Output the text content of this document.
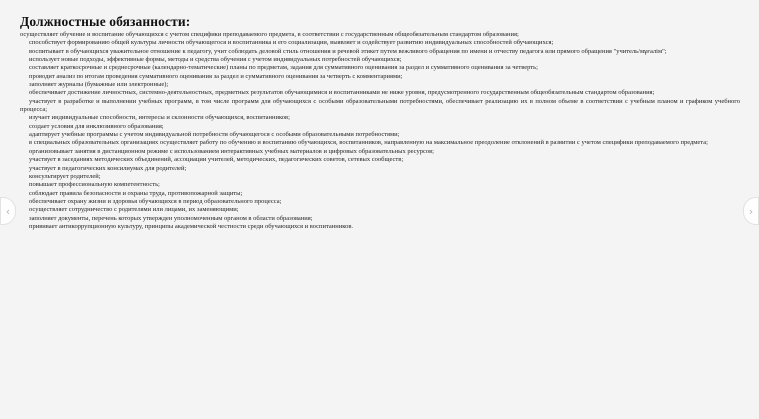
Должностные обязанности:

осуществляет обучение и воспитание обучающихся с учетом специфики преподаваемого предмета, в соответствии с государственным общеобязательным стандартом образования;

способствует формированию общей культуры личности обучающегося и воспитанника и его социализации, выявляет и содействует развитию индивидуальных способностей обучающихся;

воспитывает в обучающихся уважительное отношение к педагогу, учит соблюдать деловой стиль отношения и речевой этикет путем вежливого обращения по имени и отчеству педагога или прямого обращения "учитель/мұғалім";

использует новые подходы, эффективные формы, методы и средства обучения с учетом индивидуальных потребностей обучающихся;

составляет краткосрочные и среднесрочные (календарно-тематические) планы по предметам, задания для суммативного оценивания за раздел и суммативного оценивания за четверть;

проводит анализ по итогам проведения суммативного оценивания за раздел и суммативного оценивания за четверть с комментариями;

заполняет журналы (бумажные или электронные);

обеспечивает достижение личностных, системно-деятельностных, предметных результатов обучающимися и воспитанниками не ниже уровня, предусмотренного государственным общеобязательным стандартом образования;

участвует в разработке и выполнении учебных программ, в том числе программ для обучающихся с особыми образовательными потребностями, обеспечивает реализацию их в полном объеме в соответствии с учебным планом и графиком учебного процесса;

изучает индивидуальные способности, интересы и склонности обучающихся, воспитанников;

создает условия для инклюзивного образования;

адаптирует учебные программы с учетом индивидуальной потребности обучающегося с особыми образовательными потребностями;

в специальных образовательных организациях осуществляет работу по обучению и воспитанию обучающихся, воспитанников, направленную на максимальное преодоление отклонений в развитии с учетом специфики преподаваемого предмета;

организовывает занятия в дистанционном режиме с использованием интерактивных учебных материалов и цифровых образовательных ресурсов;

участвует в заседаниях методических объединений, ассоциации учителей, методических, педагогических советов, сетевых сообществ;

участвует в педагогических консилиумах для родителей;

консультирует родителей;

повышает профессиональную компетентность;

соблюдает правила безопасности и охраны труда, противопожарной защиты;

обеспечивает охрану жизни и здоровья обучающихся в период образовательного процесса;

осуществляет сотрудничество с родителями или лицами, их заменяющими;

заполняет документы, перечень которых утвержден уполномоченным органом в области образования;

прививает антикоррупционную культуру, принципы академической честности среди обучающихся и воспитанников.

‹	›
